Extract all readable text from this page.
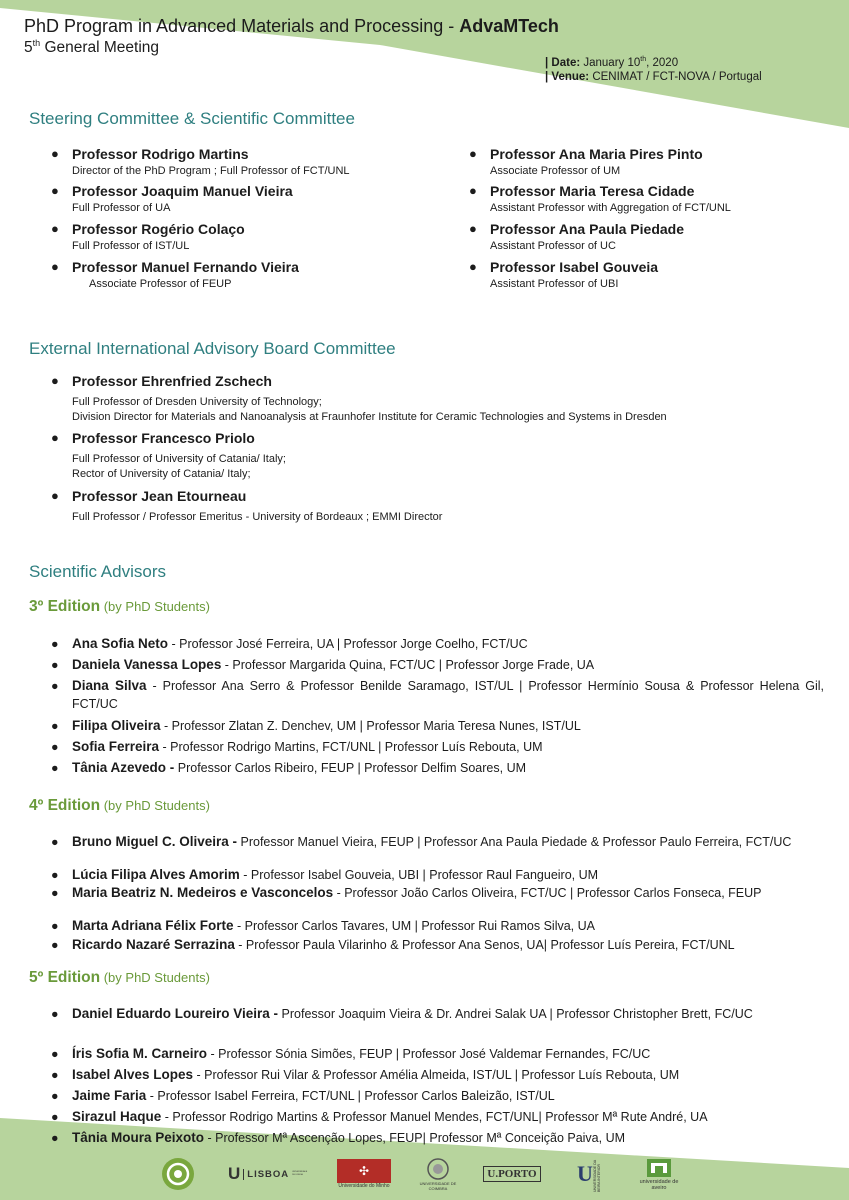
PhD Program in Advanced Materials and Processing - AdvaMTech
5th General Meeting
| Date: January 10th, 2020
| Venue: CENIMAT / FCT-NOVA / Portugal
Steering Committee & Scientific Committee
● Professor Rodrigo Martins
Director of the PhD Program ; Full Professor of FCT/UNL
● Professor Joaquim Manuel Vieira
Full Professor of UA
● Professor Rogério Colaço
Full Professor of IST/UL
● Professor Manuel Fernando Vieira
Associate Professor of FEUP
● Professor Ana Maria Pires Pinto
Associate Professor of UM
● Professor Maria Teresa Cidade
Assistant Professor with Aggregation of FCT/UNL
● Professor Ana Paula Piedade
Assistant Professor of UC
● Professor Isabel Gouveia
Assistant Professor of UBI
External International Advisory Board Committee
● Professor Ehrenfried Zschech
Full Professor of Dresden University of Technology;
Division Director for Materials and Nanoanalysis at Fraunhofer Institute for Ceramic Technologies and Systems in Dresden
● Professor Francesco Priolo
Full Professor of University of Catania/ Italy;
Rector of University of Catania/ Italy;
● Professor Jean Etourneau
Full Professor / Professor Emeritus - University of Bordeaux ; EMMI Director
Scientific Advisors
3º Edition (by PhD Students)
● Ana Sofia Neto - Professor José Ferreira, UA | Professor Jorge Coelho, FCT/UC
● Daniela Vanessa Lopes - Professor Margarida Quina, FCT/UC | Professor Jorge Frade, UA
● Diana Silva - Professor Ana Serro & Professor Benilde Saramago, IST/UL | Professor Hermínio Sousa & Professor Helena Gil, FCT/UC
● Filipa Oliveira - Professor Zlatan Z. Denchev, UM | Professor Maria Teresa Nunes, IST/UL
● Sofia Ferreira - Professor Rodrigo Martins, FCT/UNL | Professor Luís Rebouta, UM
● Tânia Azevedo - Professor Carlos Ribeiro, FEUP | Professor Delfim Soares, UM
4º Edition (by PhD Students)
● Bruno Miguel C. Oliveira - Professor Manuel Vieira, FEUP | Professor Ana Paula Piedade & Professor Paulo Ferreira, FCT/UC
● Lúcia Filipa Alves Amorim - Professor Isabel Gouveia, UBI | Professor Raul Fangueiro, UM
● Maria Beatriz N. Medeiros e Vasconcelos - Professor João Carlos Oliveira, FCT/UC | Professor Carlos Fonseca, FEUP
● Marta Adriana Félix Forte - Professor Carlos Tavares, UM | Professor Rui Ramos Silva, UA
● Ricardo Nazaré Serrazina - Professor Paula Vilarinho & Professor Ana Senos, UA| Professor Luís Pereira, FCT/UNL
5º Edition (by PhD Students)
● Daniel Eduardo Loureiro Vieira - Professor Joaquim Vieira & Dr. Andrei Salak UA | Professor Christopher Brett, FC/UC
● Íris Sofia M. Carneiro - Professor Sónia Simões, FEUP | Professor José Valdemar Fernandes, FC/UC
● Isabel Alves Lopes - Professor Rui Vilar & Professor Amélia Almeida, IST/UL | Professor Luís Rebouta, UM
● Jaime Faria - Professor Isabel Ferreira, FCT/UNL | Professor Carlos Baleizão, IST/UL
● Sirazul Haque - Professor Rodrigo Martins & Professor Manuel Mendes, FCT/UNL| Professor Mª Rute André, UA
● Tânia Moura Peixoto - Professor Mª Ascenção Lopes, FEUP| Professor Mª Conceição Paiva, UM
U LISBOA UNIVERSIDADE DE LISBOA	✣
Universidade do Minho	UNIVERSIDADE DE COIMBRA
U.PORTO U UNIVERSIDADE DA BEIRA INTERIOR	universidade de aveiro
